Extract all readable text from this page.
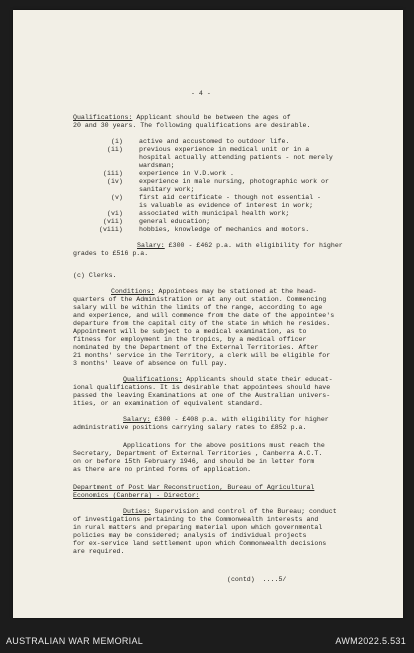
- 4 -
Qualifications: Applicant should be between the ages of
20 and 30 years. The following qualifications are desirable.
(i) active and accustomed to outdoor life.
(ii) previous experience in medical unit or in a
hospital actually attending patients - not merely
wardsman;
(iii) experience in V.D.work .
(iv) experience in male nursing, photographic work or
sanitary work;
(v) first aid certificate - though not essential -
is valuable as evidence of interest in work;
(vi) associated with municipal health work;
(vii) general education;
(viii) hobbies, knowledge of mechanics and motors.
Salary: £300 - £462 p.a. with eligibility for higher
grades to £516 p.a.
(c) Clerks.
Conditions: Appointees may be stationed at the head-
quarters of the Administration or at any out station. Commencing
salary will be within the limits of the range, according to age
and experience, and will commence from the date of the appointee's
departure from the capital city of the state in which he resides.
Appointment will be subject to a medical examination, as to
fitness for employment in the tropics, by a medical officer
nominated by the Department of the External Territories. After
21 months' service in the Territory, a clerk will be eligible for
3 months' leave of absence on full pay.
Qualifications: Applicants should state their educat-
ional qualifications. It is desirable that appointees should have
passed the leaving Examinations at one of the Australian univers-
ities, or an examination of equivalent standard.
Salary: £300 - £408 p.a. with eligibility for higher
administrative positions carrying salary rates to £852 p.a.
Applications for the above positions must reach the
Secretary, Department of External Territories , Canberra A.C.T.
on or before 15th February 1946, and should be in letter form
as there are no printed forms of application.
Department of Post War Reconstruction, Bureau of Agricultural
Economics (Canberra) - Director:
Duties: Supervision and control of the Bureau; conduct
of investigations pertaining to the Commonwealth interests and
in rural matters and preparing material upon which governmental
policies may be considered; analysis of individual projects
for ex-service land settlement upon which Commonwealth decisions
are required.
(contd)  ....5/
AUSTRALIAN WAR MEMORIAL	AWM2022.5.531
